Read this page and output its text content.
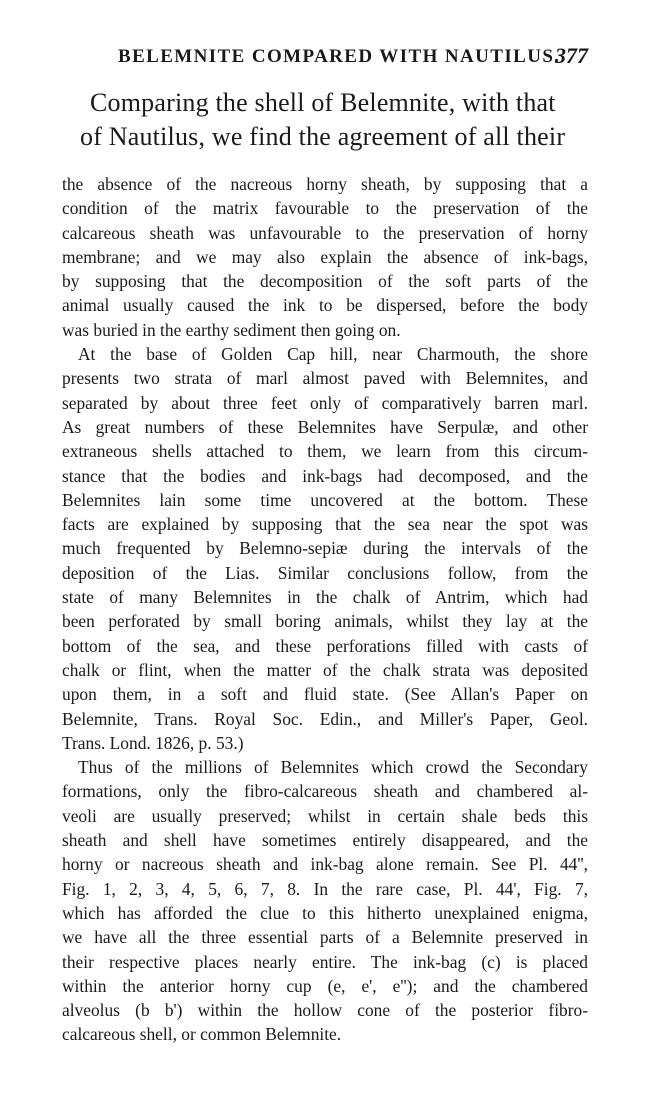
BELEMNITE COMPARED WITH NAUTILUS.
377
Comparing the shell of Belemnite, with that
of Nautilus, we find the agreement of all their

the absence of the nacreous horny sheath, by supposing that a
condition of the matrix favourable to the preservation of the
calcareous sheath was unfavourable to the preservation of horny
membrane; and we may also explain the absence of ink-bags,
by supposing that the decomposition of the soft parts of the
animal usually caused the ink to be dispersed, before the body
was buried in the earthy sediment then going on.

At the base of Golden Cap hill, near Charmouth, the shore
presents two strata of marl almost paved with Belemnites, and
separated by about three feet only of comparatively barren marl.
As great numbers of these Belemnites have Serpulæ, and other
extraneous shells attached to them, we learn from this circum-
stance that the bodies and ink-bags had decomposed, and the
Belemnites lain some time uncovered at the bottom. These
facts are explained by supposing that the sea near the spot was
much frequented by Belemno-sepiæ during the intervals of the
deposition of the Lias. Similar conclusions follow, from the
state of many Belemnites in the chalk of Antrim, which had
been perforated by small boring animals, whilst they lay at the
bottom of the sea, and these perforations filled with casts of
chalk or flint, when the matter of the chalk strata was deposited
upon them, in a soft and fluid state. (See Allan's Paper on
Belemnite, Trans. Royal Soc. Edin., and Miller's Paper, Geol.
Trans. Lond. 1826, p. 53.)

Thus of the millions of Belemnites which crowd the Secondary
formations, only the fibro-calcareous sheath and chambered al-
veoli are usually preserved; whilst in certain shale beds this
sheath and shell have sometimes entirely disappeared, and the
horny or nacreous sheath and ink-bag alone remain. See Pl. 44'',
Fig. 1, 2, 3, 4, 5, 6, 7, 8. In the rare case, Pl. 44', Fig. 7,
which has afforded the clue to this hitherto unexplained enigma,
we have all the three essential parts of a Belemnite preserved in
their respective places nearly entire. The ink-bag (c) is placed
within the anterior horny cup (e, e', e''); and the chambered
alveolus (b b') within the hollow cone of the posterior fibro-
calcareous shell, or common Belemnite.
